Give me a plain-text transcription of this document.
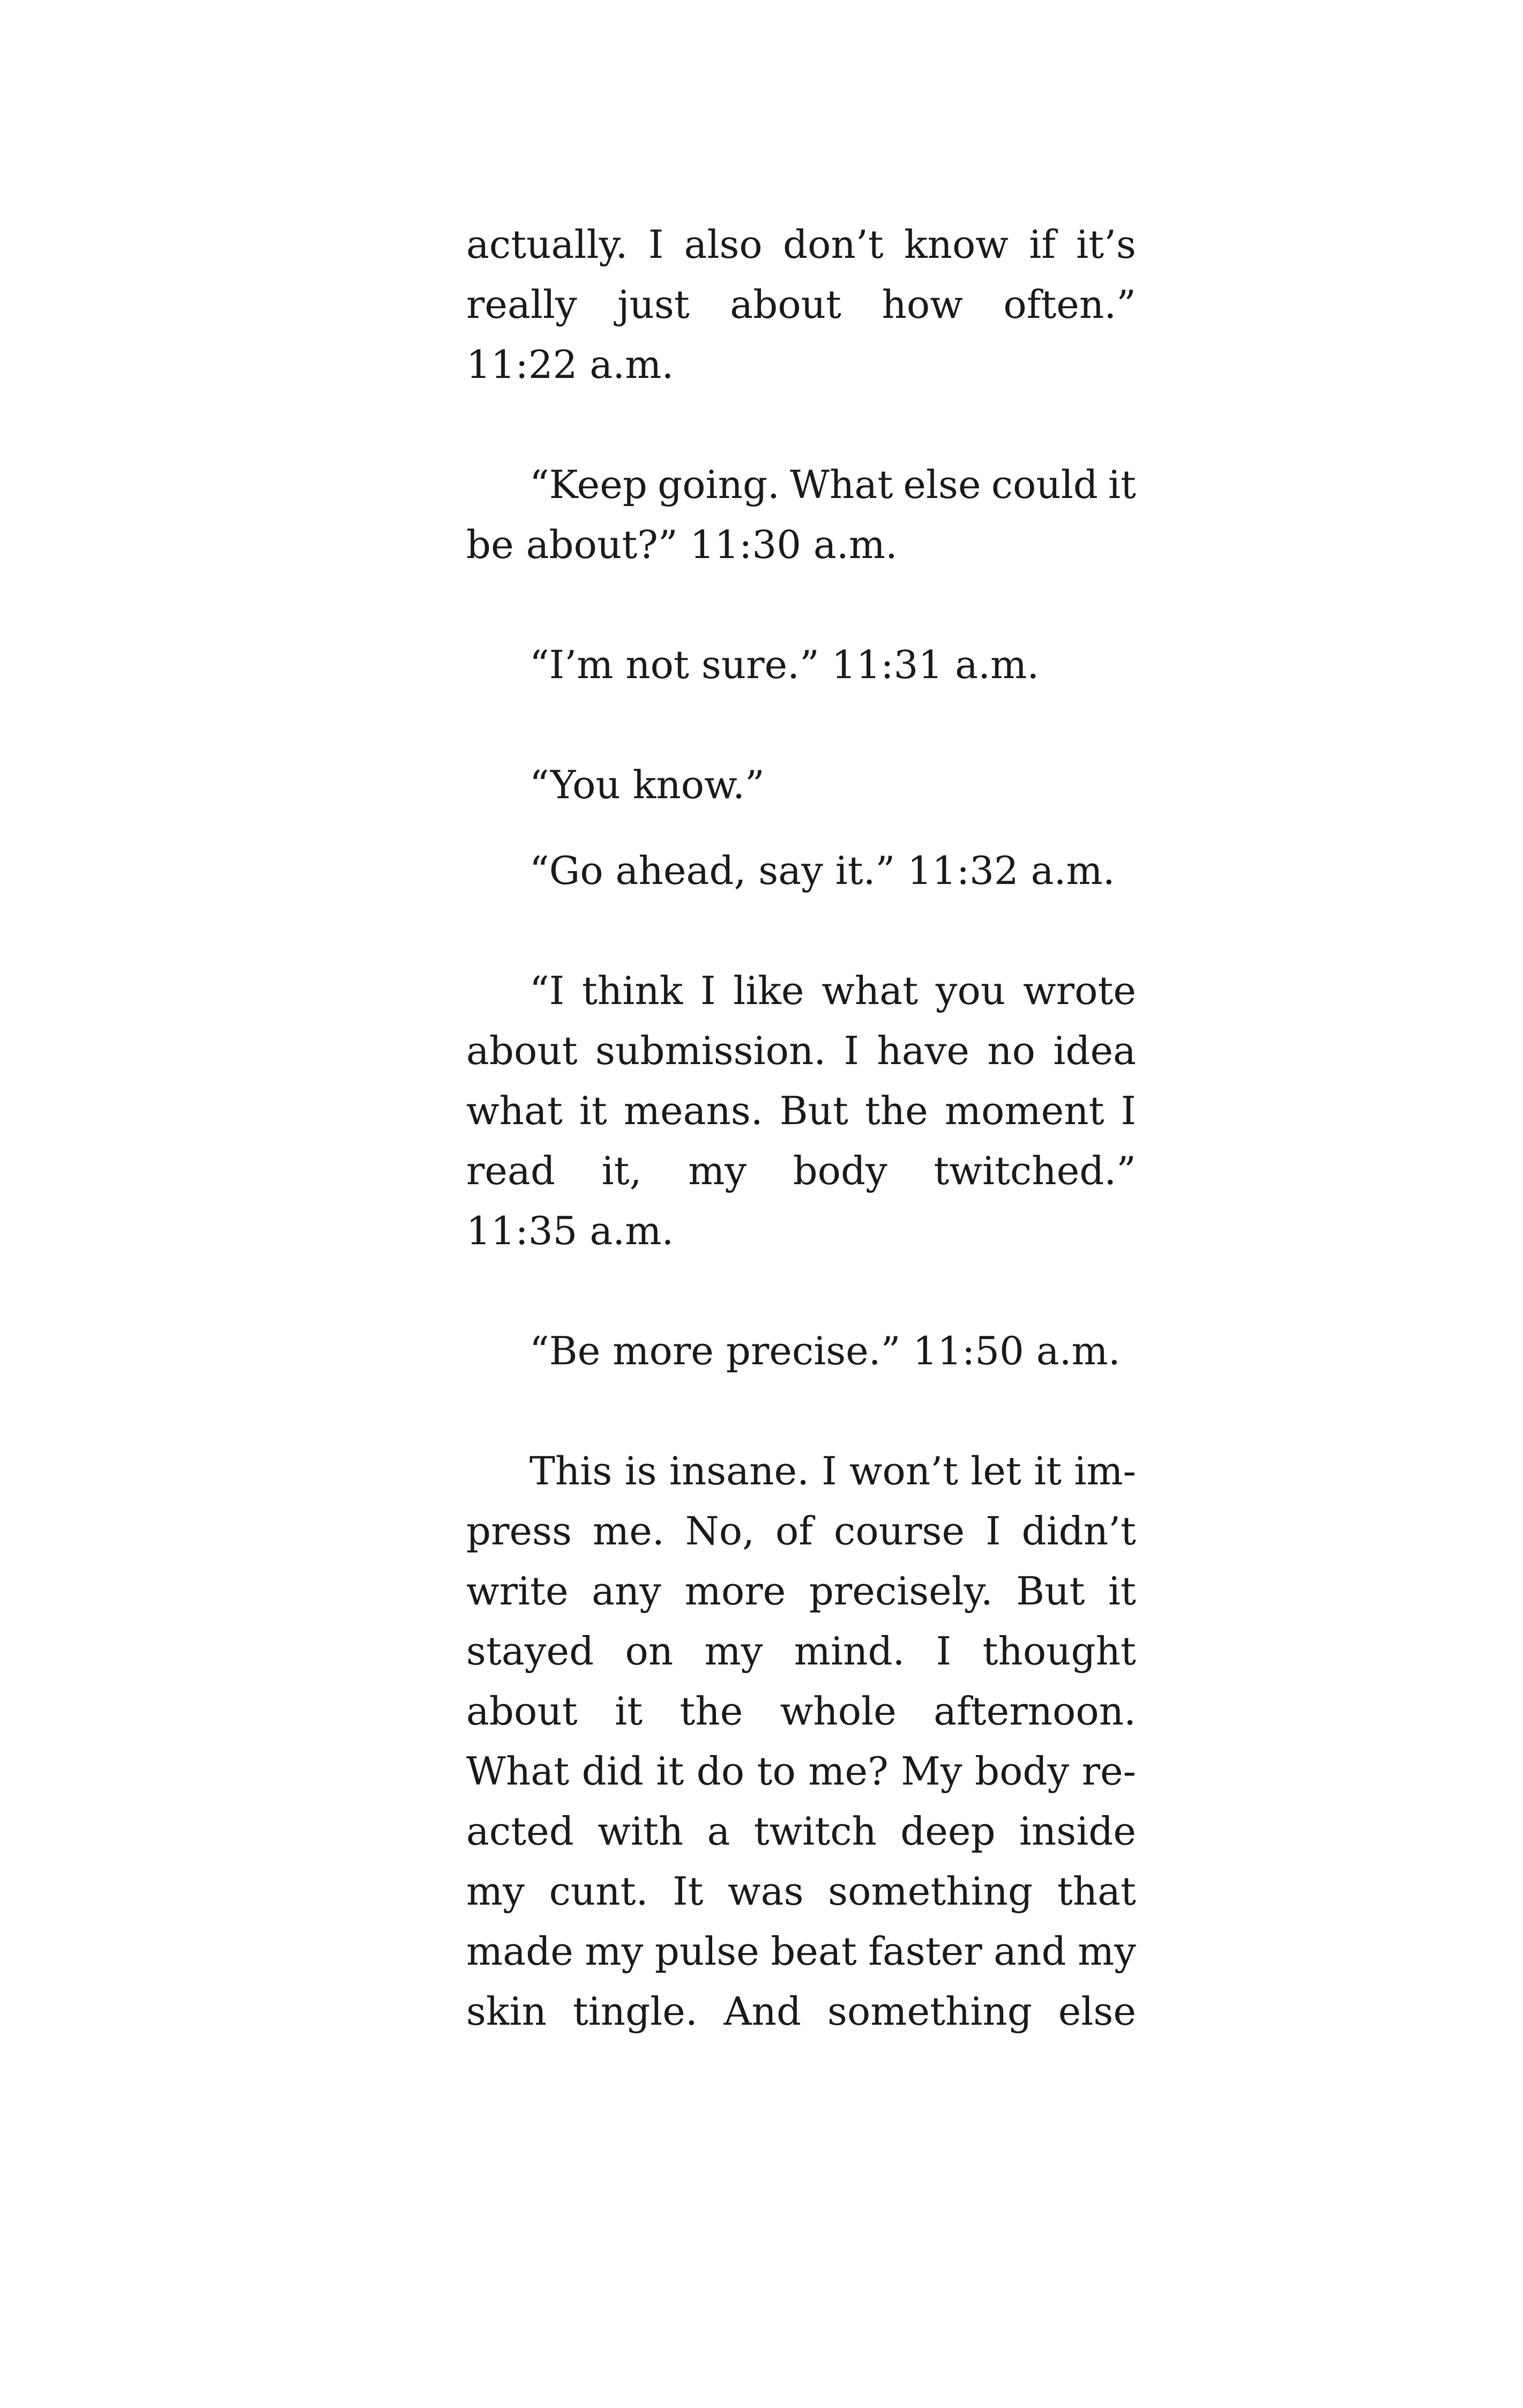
actually. I also don’t know if it’s
really just about how often.”
11:22 a.m.
“Keep going. What else could it
be about?” 11:30 a.m.
“I’m not sure.” 11:31 a.m.
“You know.”
“Go ahead, say it.” 11:32 a.m.
“I think I like what you wrote
about submission. I have no idea
what it means. But the moment I
read it, my body twitched.”
11:35 a.m.
“Be more precise.” 11:50 a.m.
This is insane. I won’t let it im-
press me. No, of course I didn’t
write any more precisely. But it
stayed on my mind. I thought
about it the whole afternoon.
What did it do to me? My body re-
acted with a twitch deep inside
my cunt. It was something that
made my pulse beat faster and my
skin tingle. And something else
